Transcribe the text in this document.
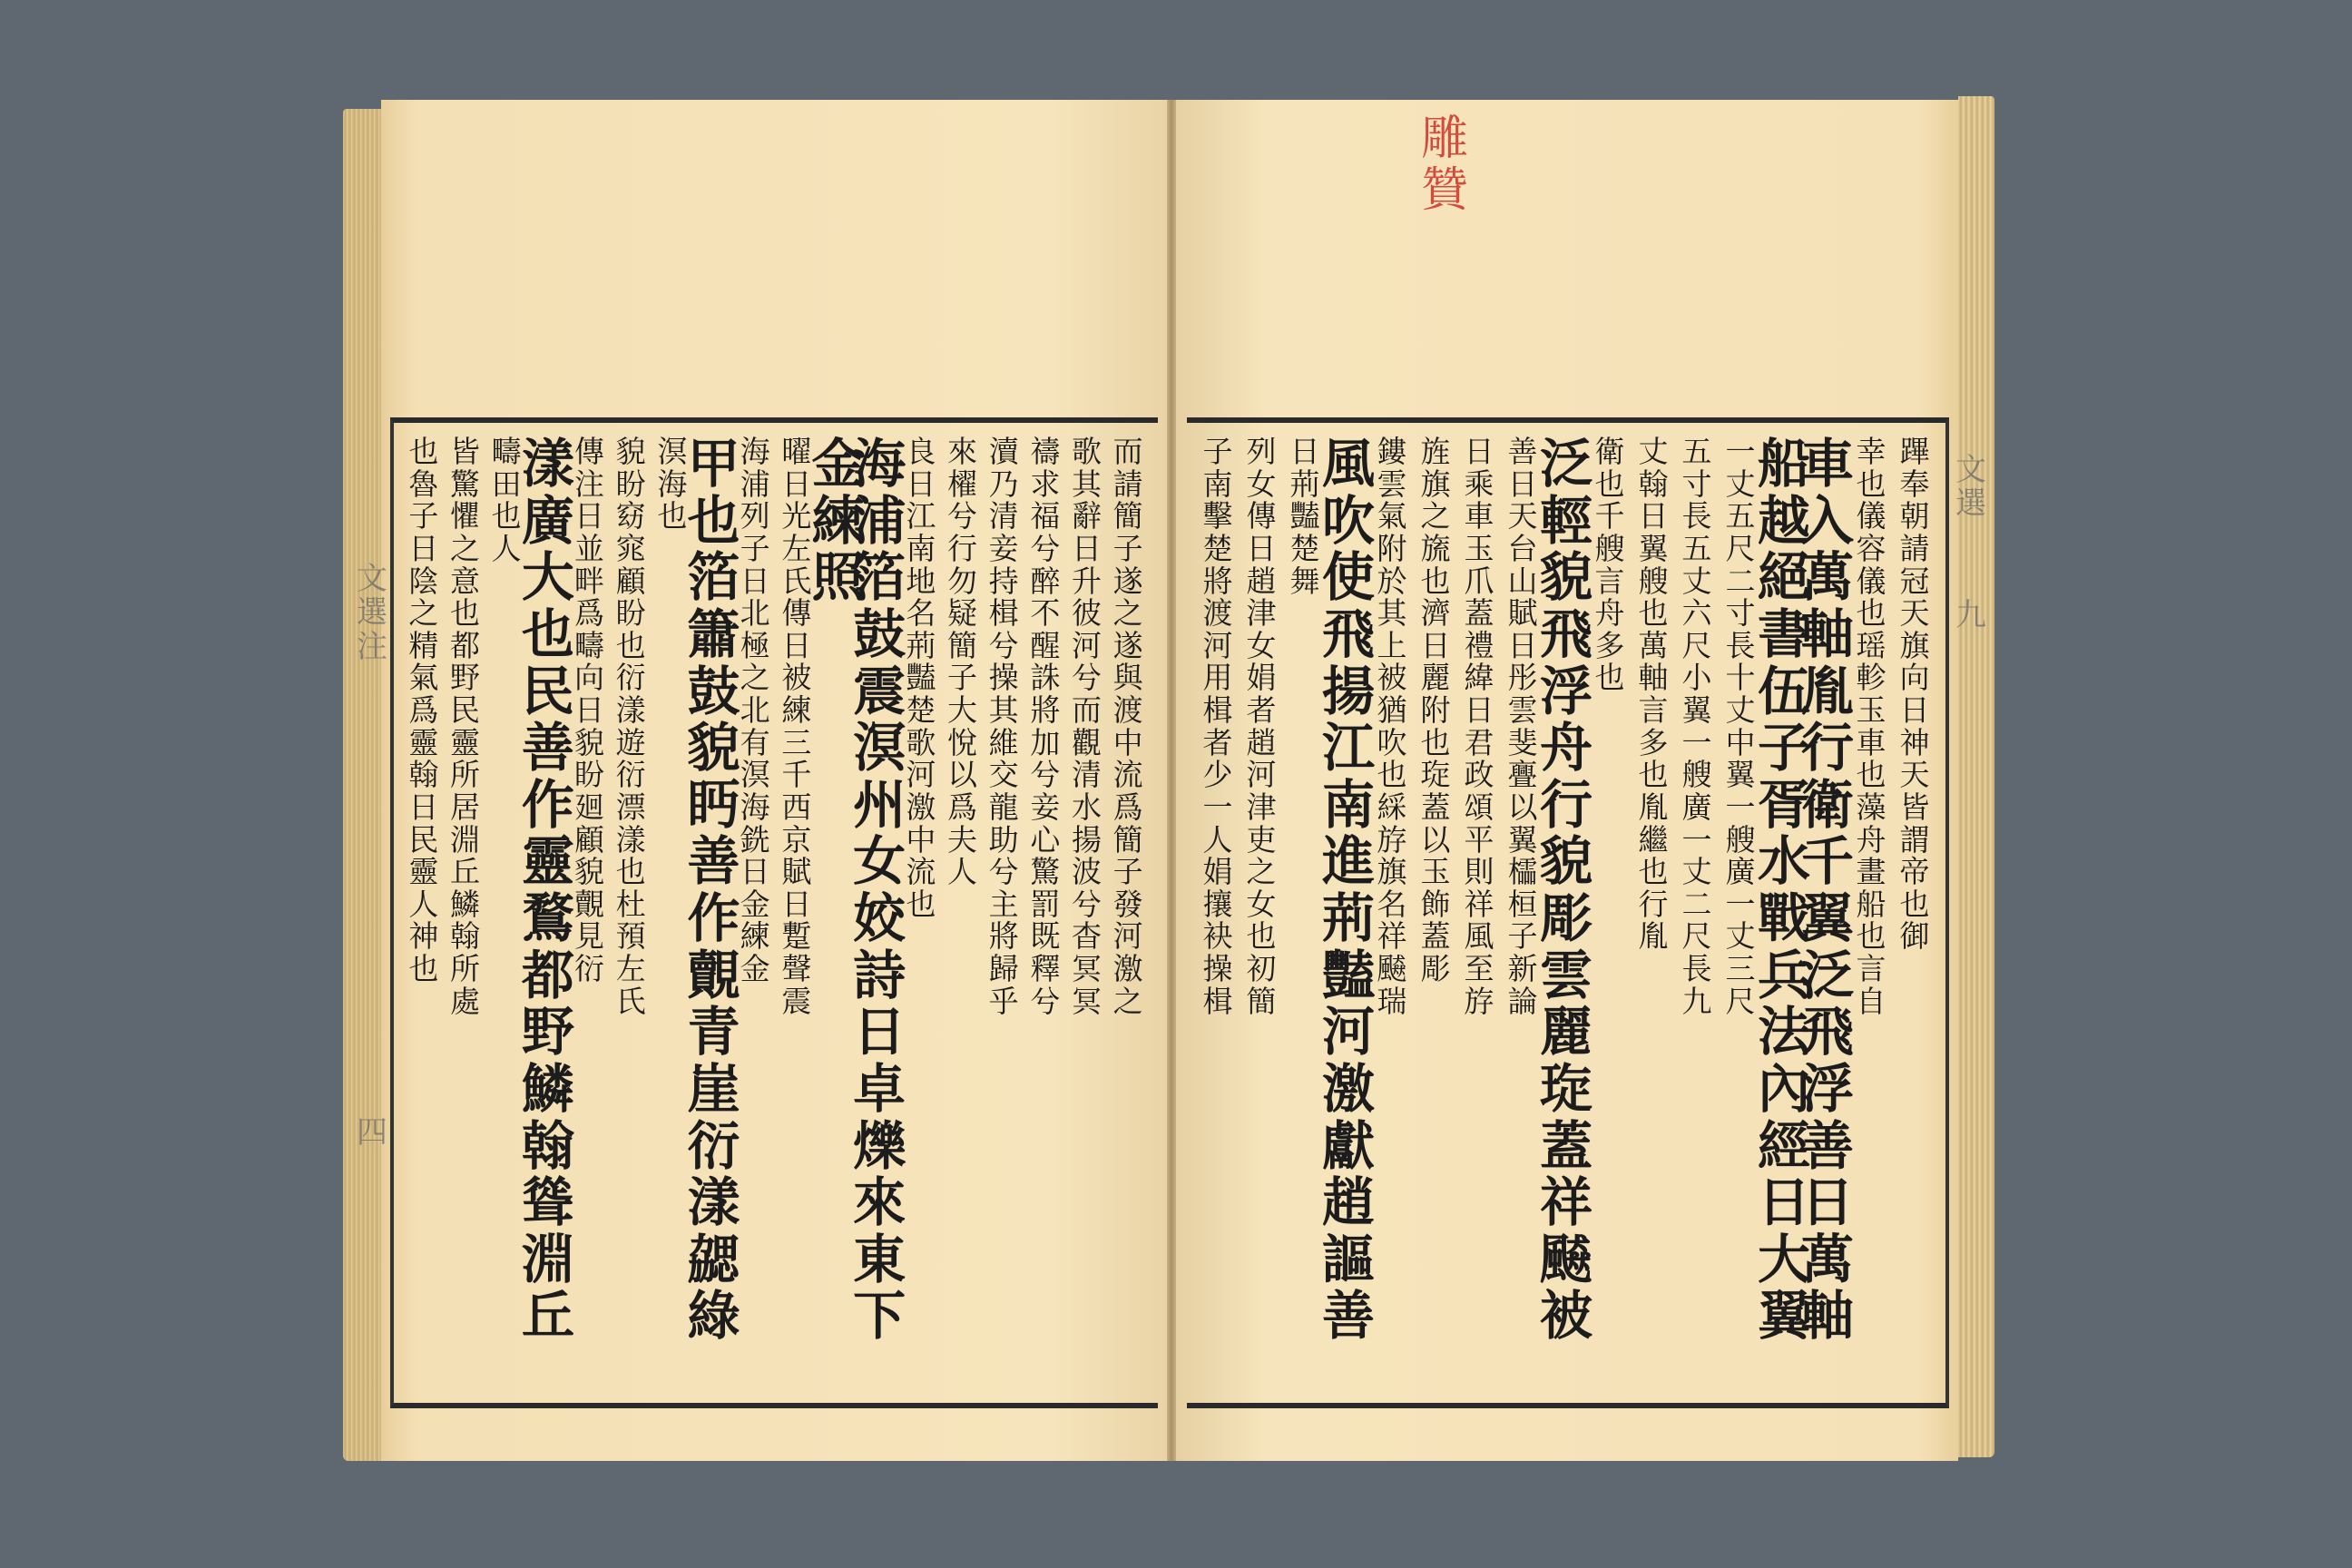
而
請
簡
子
遂
之
遂
與
渡
中
流
爲
簡
子
發
河
激
之
歌
其
辭
日
升
彼
河
兮
而
觀
清
水
揚
波
兮
杳
冥
冥
禱
求
福
兮
醉
不
醒
誅
將
加
兮
妾
心
驚
罰
既
釋
兮
瀆
乃
清
妾
持
楫
兮
操
其
維
交
龍
助
兮
主
將
歸
乎
來
櫂
兮
行
勿
疑
簡
子
大
悅
以
爲
夫
人
良
日
江
南
地
名
荊
豔
楚
歌
河
激
中
流
也
海
浦
箔
鼓
震
溟
州
女
姣
詩
日
卓
爍
來
東
下
金
練
照
曜
日
光
左
氏
傳
日
被
練
三
千
西
京
賦
日
蹔
聲
震
海
浦
列
子
日
北
極
之
北
有
溟
海
銑
日
金
練
金
甲
也
箔
簫
鼓
貌
眄
善
作
覿
青
崖
衍
漾
勰
綠
溟
海
也
貌
盼
窈
窕
顧
盼
也
衍
漾
遊
衍
漂
漾
也
杜
預
左
氏
傳
注
日
並
畔
爲
疇
向
日
貌
盼
廻
顧
貌
覿
見
衍
漾
廣
大
也
民
善
作
靈
鶩
都
野
鱗
翰
聳
淵
丘
疇
田
也
人
皆
驚
懼
之
意
也
都
野
民
靈
所
居
淵
丘
鱗
翰
所
處
也
魯
子
日
陰
之
精
氣
爲
靈
翰
日
民
靈
人
神
也
蹕
奉
朝
請
冠
天
旗
向
日
神
天
皆
謂
帝
也
御
幸
也
儀
容
儀
也
瑶
軫
玉
車
也
藻
舟
畫
船
也
言
自
車
入
萬
軸
胤
行
衛
千
翼
泛
飛
浮
善
日
萬
軸
船
越
絕
書
伍
子
胥
水
戰
兵
法
內
經
日
大
翼
一
丈
五
尺
二
寸
長
十
丈
中
翼
一
艘
廣
一
丈
三
尺
五
寸
長
五
丈
六
尺
小
翼
一
艘
廣
一
丈
二
尺
長
九
丈
翰
日
翼
艘
也
萬
軸
言
多
也
胤
繼
也
行
胤
衛
也
千
艘
言
舟
多
也
泛
輕
貌
飛
浮
舟
行
貌
彫
雲
麗
琁
蓋
祥
飇
被
善
日
天
台
山
賦
日
彤
雲
斐
亹
以
翼
櫺
桓
子
新
論
日
乘
車
玉
爪
蓋
禮
緯
日
君
政
頌
平
則
祥
風
至
斿
旌
旗
之
旒
也
濟
日
麗
附
也
琁
蓋
以
玉
飾
蓋
彫
鏤
雲
氣
附
於
其
上
被
猶
吹
也
綵
斿
旗
名
祥
飇
瑞
風
吹
使
飛
揚
江
南
進
荊
豔
河
激
獻
趙
謳
善
日
荊
豔
楚
舞
列
女
傳
日
趙
津
女
娟
者
趙
河
津
吏
之
女
也
初
簡
子
南
擊
楚
將
渡
河
用
楫
者
少
一
人
娟
攘
袂
操
楫
文
選
注
四
文
選
九
雕
贊
